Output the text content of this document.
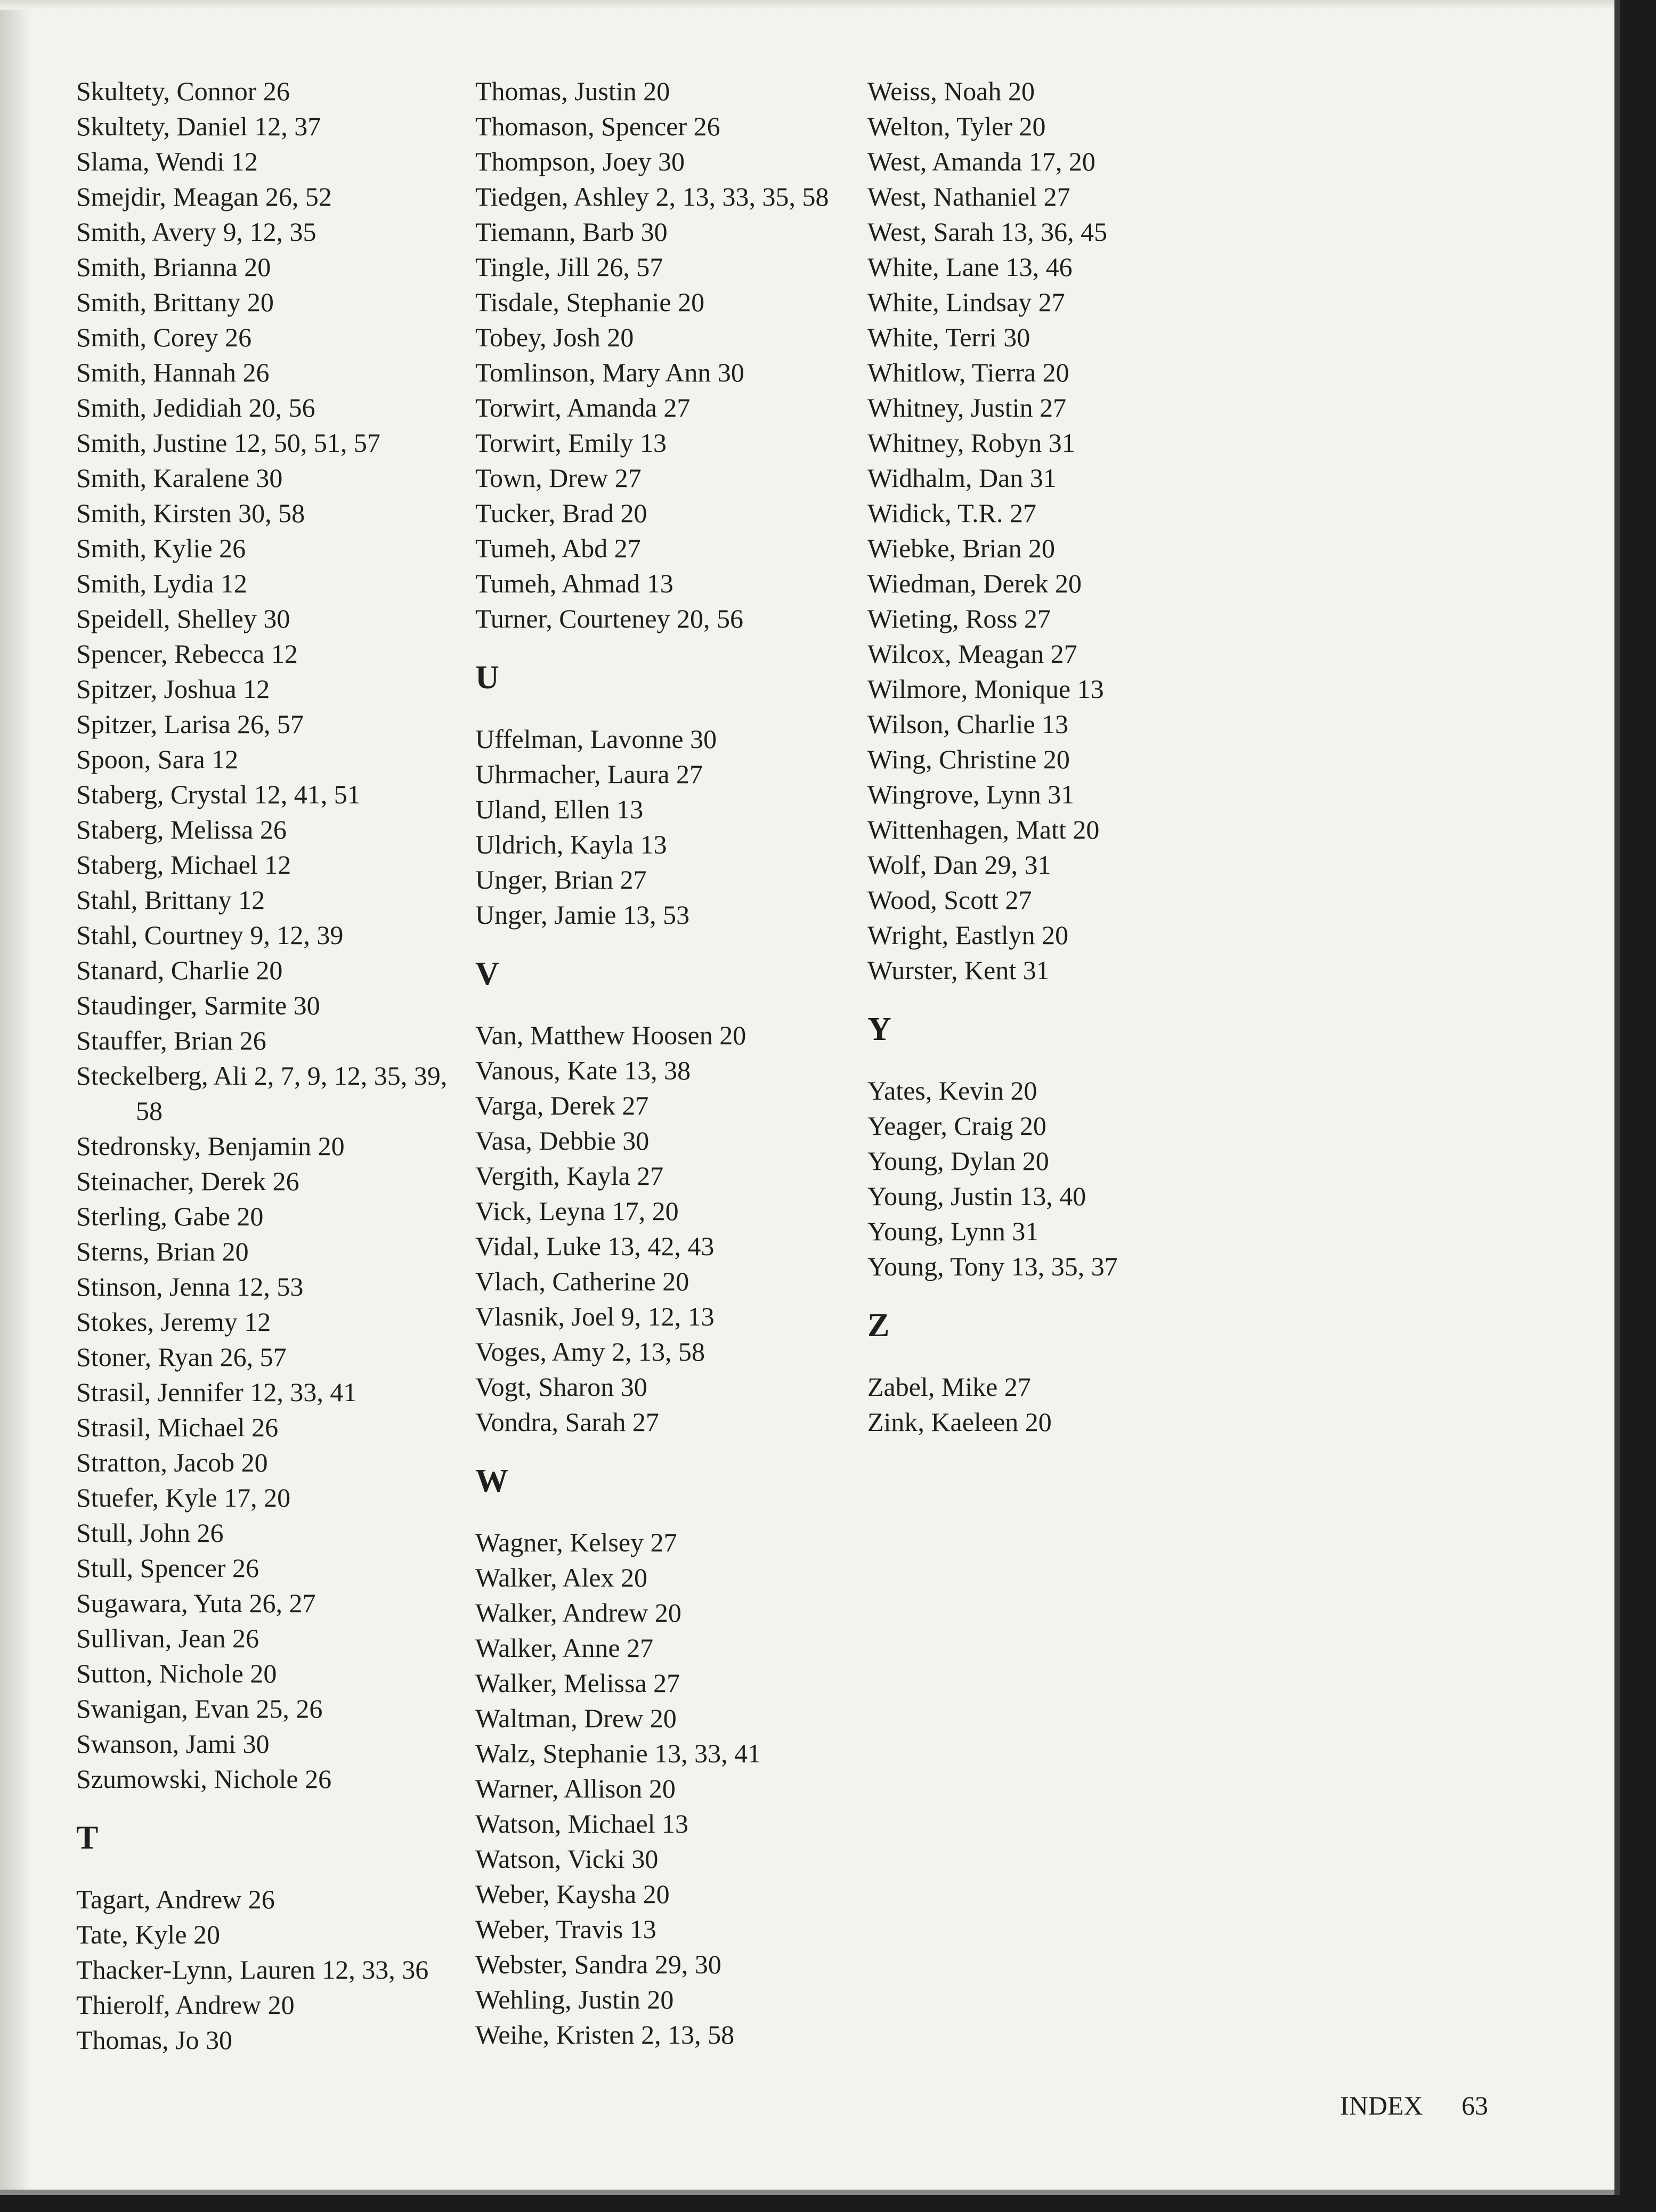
Skultety, Connor 26

Skultety, Daniel 12, 37

Slama, Wendi 12

Smejdir, Meagan 26, 52

Smith, Avery 9, 12, 35

Smith, Brianna 20

Smith, Brittany 20

Smith, Corey 26

Smith, Hannah 26

Smith, Jedidiah 20, 56

Smith, Justine 12, 50, 51, 57

Smith, Karalene 30

Smith, Kirsten 30, 58

Smith, Kylie 26

Smith, Lydia 12

Speidell, Shelley 30

Spencer, Rebecca 12

Spitzer, Joshua 12

Spitzer, Larisa 26, 57

Spoon, Sara 12

Staberg, Crystal 12, 41, 51

Staberg, Melissa 26

Staberg, Michael 12

Stahl, Brittany 12

Stahl, Courtney 9, 12, 39

Stanard, Charlie 20

Staudinger, Sarmite 30

Stauffer, Brian 26

Steckelberg, Ali 2, 7, 9, 12, 35, 39, 58

Stedronsky, Benjamin 20

Steinacher, Derek 26

Sterling, Gabe 20

Sterns, Brian 20

Stinson, Jenna 12, 53

Stokes, Jeremy 12

Stoner, Ryan 26, 57

Strasil, Jennifer 12, 33, 41

Strasil, Michael 26

Stratton, Jacob 20

Stuefer, Kyle 17, 20

Stull, John 26

Stull, Spencer 26

Sugawara, Yuta 26, 27

Sullivan, Jean 26

Sutton, Nichole 20

Swanigan, Evan 25, 26

Swanson, Jami 30

Szumowski, Nichole 26

T

Tagart, Andrew 26

Tate, Kyle 20

Thacker-Lynn, Lauren 12, 33, 36

Thierolf, Andrew 20

Thomas, Jo 30

Thomas, Justin 20

Thomason, Spencer 26

Thompson, Joey 30

Tiedgen, Ashley 2, 13, 33, 35, 58

Tiemann, Barb 30

Tingle, Jill 26, 57

Tisdale, Stephanie 20

Tobey, Josh 20

Tomlinson, Mary Ann 30

Torwirt, Amanda 27

Torwirt, Emily 13

Town, Drew 27

Tucker, Brad 20

Tumeh, Abd 27

Tumeh, Ahmad 13

Turner, Courteney 20, 56

U

Uffelman, Lavonne 30

Uhrmacher, Laura 27

Uland, Ellen 13

Uldrich, Kayla 13

Unger, Brian 27

Unger, Jamie 13, 53

V

Van, Matthew Hoosen 20

Vanous, Kate 13, 38

Varga, Derek 27

Vasa, Debbie 30

Vergith, Kayla 27

Vick, Leyna 17, 20

Vidal, Luke 13, 42, 43

Vlach, Catherine 20

Vlasnik, Joel 9, 12, 13

Voges, Amy 2, 13, 58

Vogt, Sharon 30

Vondra, Sarah 27

W

Wagner, Kelsey 27

Walker, Alex 20

Walker, Andrew 20

Walker, Anne 27

Walker, Melissa 27

Waltman, Drew 20

Walz, Stephanie 13, 33, 41

Warner, Allison 20

Watson, Michael 13

Watson, Vicki 30

Weber, Kaysha 20

Weber, Travis 13

Webster, Sandra 29, 30

Wehling, Justin 20

Weihe, Kristen 2, 13, 58

Weiss, Noah 20

Welton, Tyler 20

West, Amanda 17, 20

West, Nathaniel 27

West, Sarah 13, 36, 45

White, Lane 13, 46

White, Lindsay 27

White, Terri 30

Whitlow, Tierra 20

Whitney, Justin 27

Whitney, Robyn 31

Widhalm, Dan 31

Widick, T.R. 27

Wiebke, Brian 20

Wiedman, Derek 20

Wieting, Ross 27

Wilcox, Meagan 27

Wilmore, Monique 13

Wilson, Charlie 13

Wing, Christine 20

Wingrove, Lynn 31

Wittenhagen, Matt 20

Wolf, Dan 29, 31

Wood, Scott 27

Wright, Eastlyn 20

Wurster, Kent 31

Y

Yates, Kevin 20

Yeager, Craig 20

Young, Dylan 20

Young, Justin 13, 40

Young, Lynn 31

Young, Tony 13, 35, 37

Z

Zabel, Mike 27

Zink, Kaeleen 20

INDEX 63
